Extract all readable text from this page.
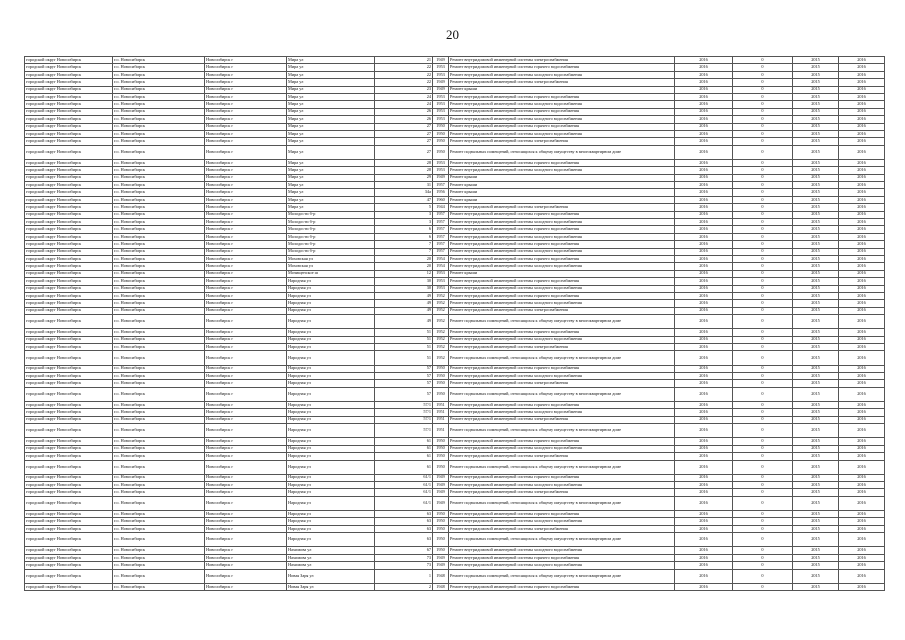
20
городской округ Новосибирск	г.о. Новосибирск	Новосибирск г	Мира ул	21	1949	Ремонт внутридомовой инженерной системы электроснабжения	2016	0	2015	2016
городской округ Новосибирск	г.о. Новосибирск	Новосибирск г	Мира ул	22	1953	Ремонт внутридомовой инженерной системы горячего водоснабжения	2016	0	2015	2016
городской округ Новосибирск	г.о. Новосибирск	Новосибирск г	Мира ул	22	1953	Ремонт внутридомовой инженерной системы холодного водоснабжения	2016	0	2015	2016
городской округ Новосибирск	г.о. Новосибирск	Новосибирск г	Мира ул	22	1949	Ремонт внутридомовой инженерной системы электроснабжения	2016	0	2015	2016
городской округ Новосибирск	г.о. Новосибирск	Новосибирск г	Мира ул	23	1949	Ремонт крыши	2016	0	2015	2016
городской округ Новосибирск	г.о. Новосибирск	Новосибирск г	Мира ул	24	1953	Ремонт внутридомовой инженерной системы горячего водоснабжения	2016	0	2015	2016
городской округ Новосибирск	г.о. Новосибирск	Новосибирск г	Мира ул	24	1953	Ремонт внутридомовой инженерной системы холодного водоснабжения	2016	0	2015	2016
городской округ Новосибирск	г.о. Новосибирск	Новосибирск г	Мира ул	26	1953	Ремонт внутридомовой инженерной системы горячего водоснабжения	2016	0	2015	2016
городской округ Новосибирск	г.о. Новосибирск	Новосибирск г	Мира ул	26	1953	Ремонт внутридомовой инженерной системы холодного водоснабжения	2016	0	2015	2016
городской округ Новосибирск	г.о. Новосибирск	Новосибирск г	Мира ул	27	1950	Ремонт внутридомовой инженерной системы горячего водоснабжения	2016	0	2015	2016
городской округ Новосибирск	г.о. Новосибирск	Новосибирск г	Мира ул	27	1950	Ремонт внутридомовой инженерной системы холодного водоснабжения	2016	0	2015	2016
городской округ Новосибирск	г.о. Новосибирск	Новосибирск г	Мира ул	27	1950	Ремонт внутридомовой инженерной системы электроснабжения	2016	0	2015	2016
городской округ Новосибирск	г.о. Новосибирск	Новосибирск г	Мира ул	27	1950	Ремонт подвальных помещений, относящихся к общему имуществу в многоквартирном доме	2016	0	2015	2016
городской округ Новосибирск	г.о. Новосибирск	Новосибирск г	Мира ул	28	1953	Ремонт внутридомовой инженерной системы горячего водоснабжения	2016	0	2015	2016
городской округ Новосибирск	г.о. Новосибирск	Новосибирск г	Мира ул	28	1953	Ремонт внутридомовой инженерной системы холодного водоснабжения	2016	0	2015	2016
городской округ Новосибирск	г.о. Новосибирск	Новосибирск г	Мира ул	29	1949	Ремонт крыши	2016	0	2015	2016
городской округ Новосибирск	г.о. Новосибирск	Новосибирск г	Мира ул	31	1957	Ремонт крыши	2016	0	2015	2016
городской округ Новосибирск	г.о. Новосибирск	Новосибирск г	Мира ул	34а	1956	Ремонт крыши	2016	0	2015	2016
городской округ Новосибирск	г.о. Новосибирск	Новосибирск г	Мира ул	47	1960	Ремонт крыши	2016	0	2015	2016
городской округ Новосибирск	г.о. Новосибирск	Новосибирск г	Мира ул	5	1944	Ремонт внутридомовой инженерной системы электроснабжения	2016	0	2015	2016
городской округ Новосибирск	г.о. Новосибирск	Новосибирск г	Молодости б-р	3	1957	Ремонт внутридомовой инженерной системы горячего водоснабжения	2016	0	2015	2016
городской округ Новосибирск	г.о. Новосибирск	Новосибирск г	Молодости б-р	3	1957	Ремонт внутридомовой инженерной системы холодного водоснабжения	2016	0	2015	2016
городской округ Новосибирск	г.о. Новосибирск	Новосибирск г	Молодости б-р	6	1957	Ремонт внутридомовой инженерной системы горячего водоснабжения	2016	0	2015	2016
городской округ Новосибирск	г.о. Новосибирск	Новосибирск г	Молодости б-р	6	1957	Ремонт внутридомовой инженерной системы холодного водоснабжения	2016	0	2015	2016
городской округ Новосибирск	г.о. Новосибирск	Новосибирск г	Молодости б-р	7	1957	Ремонт внутридомовой инженерной системы горячего водоснабжения	2016	0	2015	2016
городской округ Новосибирск	г.о. Новосибирск	Новосибирск г	Молодости б-р	7	1957	Ремонт внутридомовой инженерной системы холодного водоснабжения	2016	0	2015	2016
городской округ Новосибирск	г.о. Новосибирск	Новосибирск г	Моховская ул	20	1954	Ремонт внутридомовой инженерной системы горячего водоснабжения	2016	0	2015	2016
городской округ Новосибирск	г.о. Новосибирск	Новосибирск г	Моховская ул	20	1954	Ремонт внутридомовой инженерной системы холодного водоснабжения	2016	0	2015	2016
городской округ Новосибирск	г.о. Новосибирск	Новосибирск г	Мочищенское ш	12	1953	Ремонт крыши	2016	0	2015	2016
городской округ Новосибирск	г.о. Новосибирск	Новосибирск г	Народная ул	30	1953	Ремонт внутридомовой инженерной системы горячего водоснабжения	2016	0	2015	2016
городской округ Новосибирск	г.о. Новосибирск	Новосибирск г	Народная ул	30	1953	Ремонт внутридомовой инженерной системы холодного водоснабжения	2016	0	2015	2016
городской округ Новосибирск	г.о. Новосибирск	Новосибирск г	Народная ул	49	1952	Ремонт внутридомовой инженерной системы горячего водоснабжения	2016	0	2015	2016
городской округ Новосибирск	г.о. Новосибирск	Новосибирск г	Народная ул	49	1952	Ремонт внутридомовой инженерной системы холодного водоснабжения	2016	0	2015	2016
городской округ Новосибирск	г.о. Новосибирск	Новосибирск г	Народная ул	49	1952	Ремонт внутридомовой инженерной системы электроснабжения	2016	0	2015	2016
городской округ Новосибирск	г.о. Новосибирск	Новосибирск г	Народная ул	49	1952	Ремонт подвальных помещений, относящихся к общему имуществу в многоквартирном доме	2016	0	2015	2016
городской округ Новосибирск	г.о. Новосибирск	Новосибирск г	Народная ул	51	1952	Ремонт внутридомовой инженерной системы горячего водоснабжения	2016	0	2015	2016
городской округ Новосибирск	г.о. Новосибирск	Новосибирск г	Народная ул	51	1952	Ремонт внутридомовой инженерной системы холодного водоснабжения	2016	0	2015	2016
городской округ Новосибирск	г.о. Новосибирск	Новосибирск г	Народная ул	51	1952	Ремонт внутридомовой инженерной системы электроснабжения	2016	0	2015	2016
городской округ Новосибирск	г.о. Новосибирск	Новосибирск г	Народная ул	51	1952	Ремонт подвальных помещений, относящихся к общему имуществу в многоквартирном доме	2016	0	2015	2016
городской округ Новосибирск	г.о. Новосибирск	Новосибирск г	Народная ул	57	1950	Ремонт внутридомовой инженерной системы горячего водоснабжения	2016	0	2015	2016
городской округ Новосибирск	г.о. Новосибирск	Новосибирск г	Народная ул	57	1950	Ремонт внутридомовой инженерной системы холодного водоснабжения	2016	0	2015	2016
городской округ Новосибирск	г.о. Новосибирск	Новосибирск г	Народная ул	57	1950	Ремонт внутридомовой инженерной системы электроснабжения	2016	0	2015	2016
городской округ Новосибирск	г.о. Новосибирск	Новосибирск г	Народная ул	57	1950	Ремонт подвальных помещений, относящихся к общему имуществу в многоквартирном доме	2016	0	2015	2016
городской округ Новосибирск	г.о. Новосибирск	Новосибирск г	Народная ул	57/1	1951	Ремонт внутридомовой инженерной системы горячего водоснабжения	2016	0	2015	2016
городской округ Новосибирск	г.о. Новосибирск	Новосибирск г	Народная ул	57/1	1951	Ремонт внутридомовой инженерной системы холодного водоснабжения	2016	0	2015	2016
городской округ Новосибирск	г.о. Новосибирск	Новосибирск г	Народная ул	57/1	1951	Ремонт внутридомовой инженерной системы электроснабжения	2016	0	2015	2016
городской округ Новосибирск	г.о. Новосибирск	Новосибирск г	Народная ул	57/1	1951	Ремонт подвальных помещений, относящихся к общему имуществу в многоквартирном доме	2016	0	2015	2016
городской округ Новосибирск	г.о. Новосибирск	Новосибирск г	Народная ул	61	1950	Ремонт внутридомовой инженерной системы горячего водоснабжения	2016	0	2015	2016
городской округ Новосибирск	г.о. Новосибирск	Новосибирск г	Народная ул	61	1950	Ремонт внутридомовой инженерной системы холодного водоснабжения	2016	0	2015	2016
городской округ Новосибирск	г.о. Новосибирск	Новосибирск г	Народная ул	61	1950	Ремонт внутридомовой инженерной системы электроснабжения	2016	0	2015	2016
городской округ Новосибирск	г.о. Новосибирск	Новосибирск г	Народная ул	61	1950	Ремонт подвальных помещений, относящихся к общему имуществу в многоквартирном доме	2016	0	2015	2016
городской округ Новосибирск	г.о. Новосибирск	Новосибирск г	Народная ул	61/1	1949	Ремонт внутридомовой инженерной системы горячего водоснабжения	2016	0	2015	2016
городской округ Новосибирск	г.о. Новосибирск	Новосибирск г	Народная ул	61/1	1949	Ремонт внутридомовой инженерной системы холодного водоснабжения	2016	0	2015	2016
городской округ Новосибирск	г.о. Новосибирск	Новосибирск г	Народная ул	61/1	1949	Ремонт внутридомовой инженерной системы электроснабжения	2016	0	2015	2016
городской округ Новосибирск	г.о. Новосибирск	Новосибирск г	Народная ул	61/1	1949	Ремонт подвальных помещений, относящихся к общему имуществу в многоквартирном доме	2016	0	2015	2016
городской округ Новосибирск	г.о. Новосибирск	Новосибирск г	Народная ул	63	1950	Ремонт внутридомовой инженерной системы горячего водоснабжения	2016	0	2015	2016
городской округ Новосибирск	г.о. Новосибирск	Новосибирск г	Народная ул	63	1950	Ремонт внутридомовой инженерной системы холодного водоснабжения	2016	0	2015	2016
городской округ Новосибирск	г.о. Новосибирск	Новосибирск г	Народная ул	63	1950	Ремонт внутридомовой инженерной системы электроснабжения	2016	0	2015	2016
городской округ Новосибирск	г.о. Новосибирск	Новосибирск г	Народная ул	63	1950	Ремонт подвальных помещений, относящихся к общему имуществу в многоквартирном доме	2016	0	2015	2016
городской округ Новосибирск	г.о. Новосибирск	Новосибирск г	Нахимова ул	67	1950	Ремонт внутридомовой инженерной системы холодного водоснабжения	2016	0	2015	2016
городской округ Новосибирск	г.о. Новосибирск	Новосибирск г	Нахимова ул	73	1949	Ремонт внутридомовой инженерной системы горячего водоснабжения	2016	0	2015	2016
городской округ Новосибирск	г.о. Новосибирск	Новосибирск г	Нахимова ул	73	1949	Ремонт внутридомовой инженерной системы холодного водоснабжения	2016	0	2015	2016
городской округ Новосибирск	г.о. Новосибирск	Новосибирск г	Новая Заря ул	1	1948	Ремонт подвальных помещений, относящихся к общему имуществу в многоквартирном доме	2016	0	2015	2016
городской округ Новосибирск	г.о. Новосибирск	Новосибирск г	Новая Заря ул	2	1948	Ремонт внутридомовой инженерной системы горячего водоснабжения	2016	0	2015	2016
